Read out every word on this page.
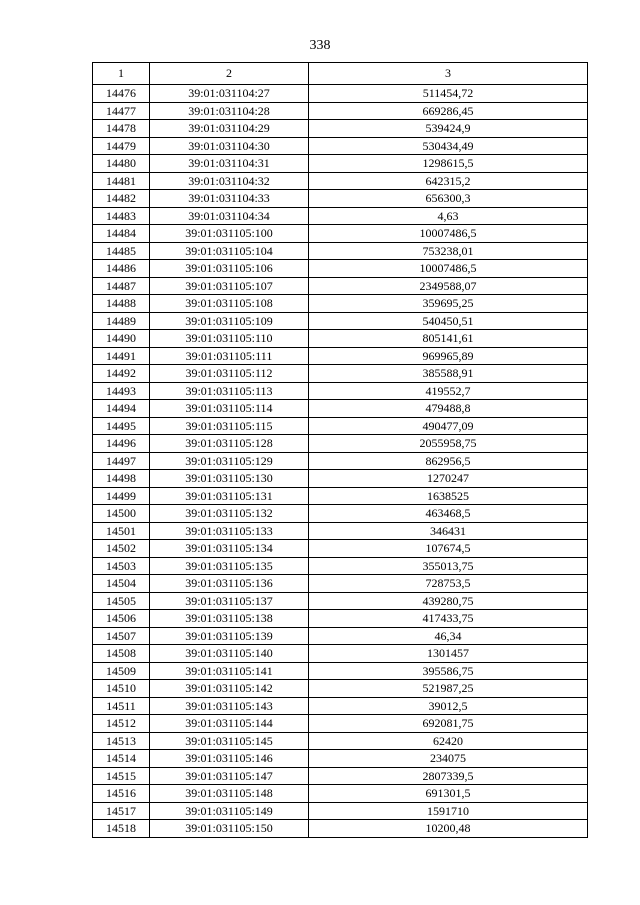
338
1	2	3
14476	39:01:031104:27	511454,72
14477	39:01:031104:28	669286,45
14478	39:01:031104:29	539424,9
14479	39:01:031104:30	530434,49
14480	39:01:031104:31	1298615,5
14481	39:01:031104:32	642315,2
14482	39:01:031104:33	656300,3
14483	39:01:031104:34	4,63
14484	39:01:031105:100	10007486,5
14485	39:01:031105:104	753238,01
14486	39:01:031105:106	10007486,5
14487	39:01:031105:107	2349588,07
14488	39:01:031105:108	359695,25
14489	39:01:031105:109	540450,51
14490	39:01:031105:110	805141,61
14491	39:01:031105:111	969965,89
14492	39:01:031105:112	385588,91
14493	39:01:031105:113	419552,7
14494	39:01:031105:114	479488,8
14495	39:01:031105:115	490477,09
14496	39:01:031105:128	2055958,75
14497	39:01:031105:129	862956,5
14498	39:01:031105:130	1270247
14499	39:01:031105:131	1638525
14500	39:01:031105:132	463468,5
14501	39:01:031105:133	346431
14502	39:01:031105:134	107674,5
14503	39:01:031105:135	355013,75
14504	39:01:031105:136	728753,5
14505	39:01:031105:137	439280,75
14506	39:01:031105:138	417433,75
14507	39:01:031105:139	46,34
14508	39:01:031105:140	1301457
14509	39:01:031105:141	395586,75
14510	39:01:031105:142	521987,25
14511	39:01:031105:143	39012,5
14512	39:01:031105:144	692081,75
14513	39:01:031105:145	62420
14514	39:01:031105:146	234075
14515	39:01:031105:147	2807339,5
14516	39:01:031105:148	691301,5
14517	39:01:031105:149	1591710
14518	39:01:031105:150	10200,48
